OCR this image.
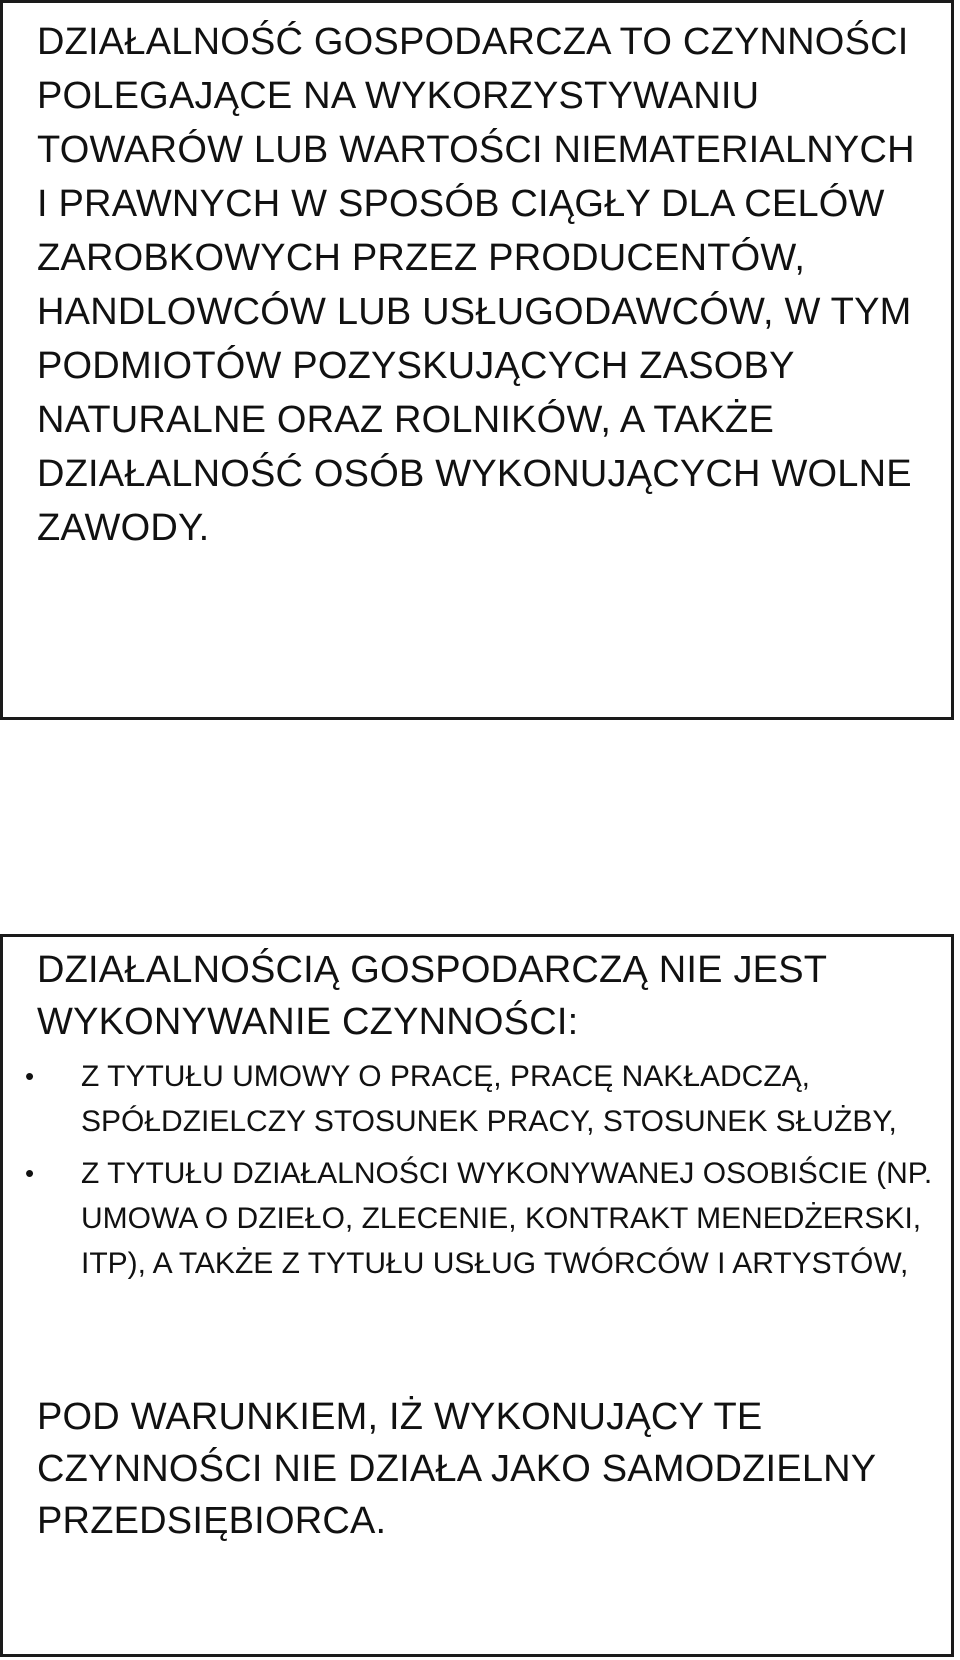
DZIAŁALNOŚĆ GOSPODARCZA TO CZYNNOŚCI POLEGAJĄCE NA WYKORZYSTYWANIU TOWARÓW LUB WARTOŚCI NIEMATERIALNYCH I PRAWNYCH W SPOSÓB CIĄGŁY DLA CELÓW ZAROBKOWYCH PRZEZ PRODUCENTÓW, HANDLOWCÓW LUB USŁUGODAWCÓW, W TYM PODMIOTÓW POZYSKUJĄCYCH ZASOBY NATURALNE ORAZ ROLNIKÓW, A TAKŻE DZIAŁALNOŚĆ OSÓB WYKONUJĄCYCH WOLNE ZAWODY.

DZIAŁALNOŚCIĄ GOSPODARCZĄ NIE JEST WYKONYWANIE CZYNNOŚCI:

• Z TYTUŁU UMOWY O PRACĘ, PRACĘ NAKŁADCZĄ, SPÓŁDZIELCZY STOSUNEK PRACY, STOSUNEK SŁUŻBY,
• Z TYTUŁU DZIAŁALNOŚCI WYKONYWANEJ OSOBIŚCIE (NP. UMOWA O DZIEŁO, ZLECENIE, KONTRAKT MENEDŻERSKI, ITP), A TAKŻE Z TYTUŁU USŁUG TWÓRCÓW I ARTYSTÓW,

POD WARUNKIEM, IŻ WYKONUJĄCY TE CZYNNOŚCI NIE DZIAŁA JAKO SAMODZIELNY PRZEDSIĘBIORCA.
